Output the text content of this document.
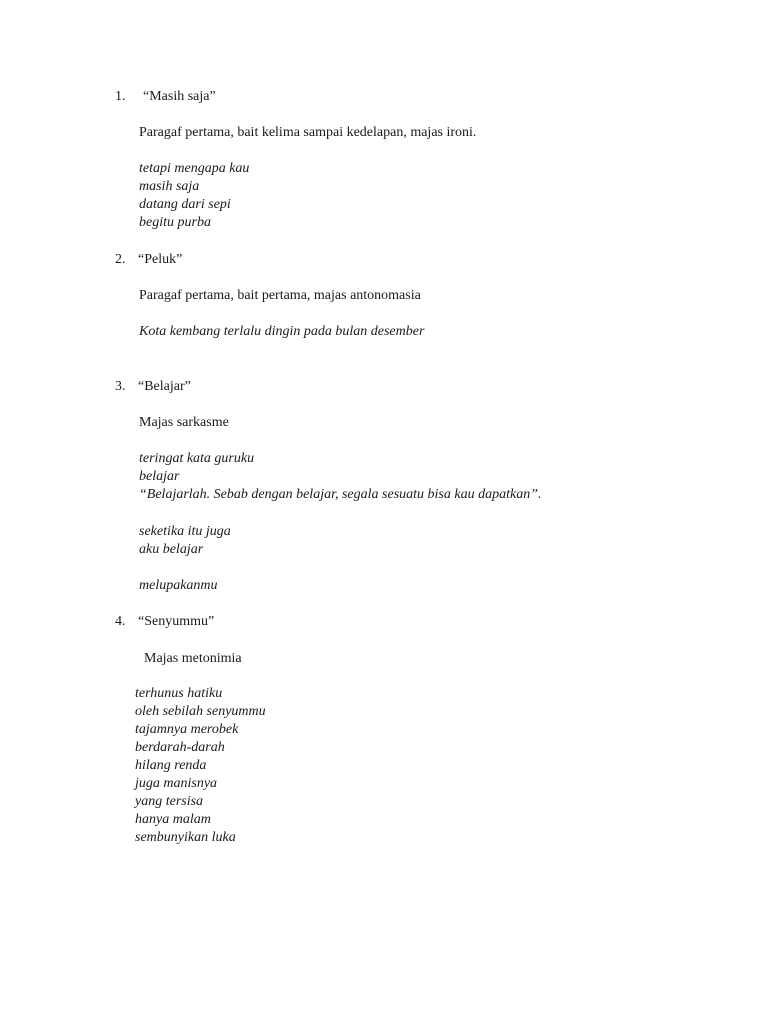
1. “Masih saja”
Paragaf pertama, bait kelima sampai kedelapan, majas ironi.
tetapi mengapa kau
masih saja
datang dari sepi
begitu purba
2. “Peluk”
Paragaf pertama, bait pertama, majas antonomasia
Kota kembang terlalu dingin pada bulan desember
3. “Belajar”
Majas sarkasme
teringat kata guruku
belajar
“Belajarlah. Sebab dengan belajar, segala sesuatu bisa kau dapatkan”.
seketika itu juga
aku belajar
melupakanmu
4. “Senyummu”
Majas metonimia
terhunus hatiku
oleh sebilah senyummu
tajamnya merobek
berdarah-darah
hilang renda
juga manisnya
yang tersisa
hanya malam
sembunyikan luka
